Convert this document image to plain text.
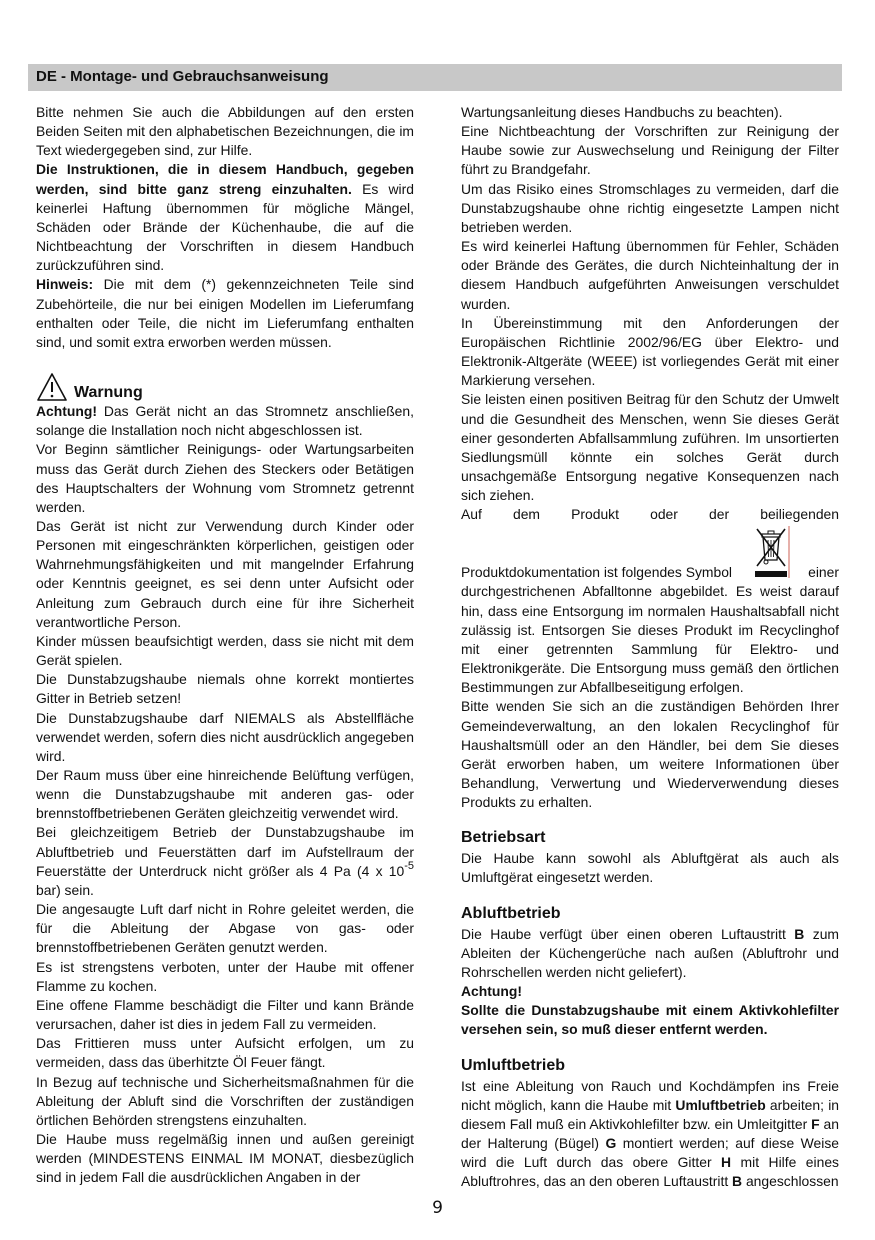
DE - Montage- und Gebrauchsanweisung

Bitte nehmen Sie auch die Abbildungen auf den ersten Beiden Seiten mit den alphabetischen Bezeichnungen, die im Text wiedergegeben sind, zur Hilfe.

Die Instruktionen, die in diesem Handbuch, gegeben werden, sind bitte ganz streng einzuhalten. Es wird keinerlei Haftung übernommen für mögliche Mängel, Schäden oder Brände der Küchenhaube, die auf die Nichtbeachtung der Vorschriften in diesem Handbuch zurückzuführen sind.

Hinweis: Die mit dem (*) gekennzeichneten Teile sind Zubehörteile, die nur bei einigen Modellen im Lieferumfang enthalten oder Teile, die nicht im Lieferumfang enthalten sind, und somit extra erworben werden müssen.

Warnung

Achtung! Das Gerät nicht an das Stromnetz anschließen, solange die Installation noch nicht abgeschlossen ist.

Vor Beginn sämtlicher Reinigungs- oder Wartungsarbeiten muss das Gerät durch Ziehen des Steckers oder Betätigen des Hauptschalters der Wohnung vom Stromnetz getrennt werden.

Das Gerät ist nicht zur Verwendung durch Kinder oder Personen mit eingeschränkten körperlichen, geistigen oder Wahrnehmungsfähigkeiten und mit mangelnder Erfahrung oder Kenntnis geeignet, es sei denn unter Aufsicht oder Anleitung zum Gebrauch durch eine für ihre Sicherheit verantwortliche Person.

Kinder müssen beaufsichtigt werden, dass sie nicht mit dem Gerät spielen.

Die Dunstabzugshaube niemals ohne korrekt montiertes Gitter in Betrieb setzen!

Die Dunstabzugshaube darf NIEMALS als Abstellfläche verwendet werden, sofern dies nicht ausdrücklich angegeben wird.

Der Raum muss über eine hinreichende Belüftung verfügen, wenn die Dunstabzugshaube mit anderen gas- oder brennstoffbetriebenen Geräten gleichzeitig verwendet wird.

Bei gleichzeitigem Betrieb der Dunstabzugshaube im Abluftbetrieb und Feuerstätten darf im Aufstellraum der Feuerstätte der Unterdruck nicht größer als 4 Pa (4 x $10^{-5}$ bar) sein.

Die angesaugte Luft darf nicht in Rohre geleitet werden, die für die Ableitung der Abgase von gas- oder brennstoffbetriebenen Geräten genutzt werden.

Es ist strengstens verboten, unter der Haube mit offener Flamme zu kochen.

Eine offene Flamme beschädigt die Filter und kann Brände verursachen, daher ist dies in jedem Fall zu vermeiden.

Das Frittieren muss unter Aufsicht erfolgen, um zu vermeiden, dass das überhitzte Öl Feuer fängt.

In Bezug auf technische und Sicherheitsmaßnahmen für die Ableitung der Abluft sind die Vorschriften der zuständigen örtlichen Behörden strengstens einzuhalten.

Die Haube muss regelmäßig innen und außen gereinigt werden (MINDESTENS EINMAL IM MONAT, diesbezüglich sind in jedem Fall die ausdrücklichen Angaben in der

Wartungsanleitung dieses Handbuchs zu beachten).

Eine Nichtbeachtung der Vorschriften zur Reinigung der Haube sowie zur Auswechselung und Reinigung der Filter führt zu Brandgefahr.

Um das Risiko eines Stromschlages zu vermeiden, darf die Dunstabzugshaube ohne richtig eingesetzte Lampen nicht betrieben werden.

Es wird keinerlei Haftung übernommen für Fehler, Schäden oder Brände des Gerätes, die durch Nichteinhaltung der in diesem Handbuch aufgeführten Anweisungen verschuldet wurden.

In Übereinstimmung mit den Anforderungen der Europäischen Richtlinie 2002/96/EG über Elektro- und Elektronik-Altgeräte (WEEE) ist vorliegendes Gerät mit einer Markierung versehen.

Sie leisten einen positiven Beitrag für den Schutz der Umwelt und die Gesundheit des Menschen, wenn Sie dieses Gerät einer gesonderten Abfallsammlung zuführen. Im unsortierten Siedlungsmüll könnte ein solches Gerät durch unsachgemäße Entsorgung negative Konsequenzen nach sich ziehen.

Auf dem Produkt oder der beiliegenden

Produktdokumentation ist folgendes Symbol	einer

durchgestrichenen Abfalltonne abgebildet. Es weist darauf hin, dass eine Entsorgung im normalen Haushaltsabfall nicht zulässig ist. Entsorgen Sie dieses Produkt im Recyclinghof mit einer getrennten Sammlung für Elektro- und Elektronikgeräte. Die Entsorgung muss gemäß den örtlichen Bestimmungen zur Abfallbeseitigung erfolgen.

Bitte wenden Sie sich an die zuständigen Behörden Ihrer Gemeindeverwaltung, an den lokalen Recyclinghof für Haushaltsmüll oder an den Händler, bei dem Sie dieses Gerät erworben haben, um weitere Informationen über Behandlung, Verwertung und Wiederverwendung dieses Produkts zu erhalten.

Betriebsart

Die Haube kann sowohl als Abluftgërat als auch als Umluftgërat eingesetzt werden.

Abluftbetrieb

Die Haube verfügt über einen oberen Luftaustritt B zum Ableiten der Küchengerüche nach außen (Abluftrohr und Rohrschellen werden nicht geliefert).

Achtung!

Sollte die Dunstabzugshaube mit einem Aktivkohlefilter versehen sein, so muß dieser entfernt werden.

Umluftbetrieb

Ist eine Ableitung von Rauch und Kochdämpfen ins Freie nicht möglich, kann die Haube mit Umluftbetrieb arbeiten; in diesem Fall muß ein Aktivkohlefilter bzw. ein Umleitgitter F an der Halterung (Bügel) G montiert werden; auf diese Weise wird die Luft durch das obere Gitter H mit Hilfe eines Abluftrohres, das an den oberen Luftaustritt B angeschlossen

9
